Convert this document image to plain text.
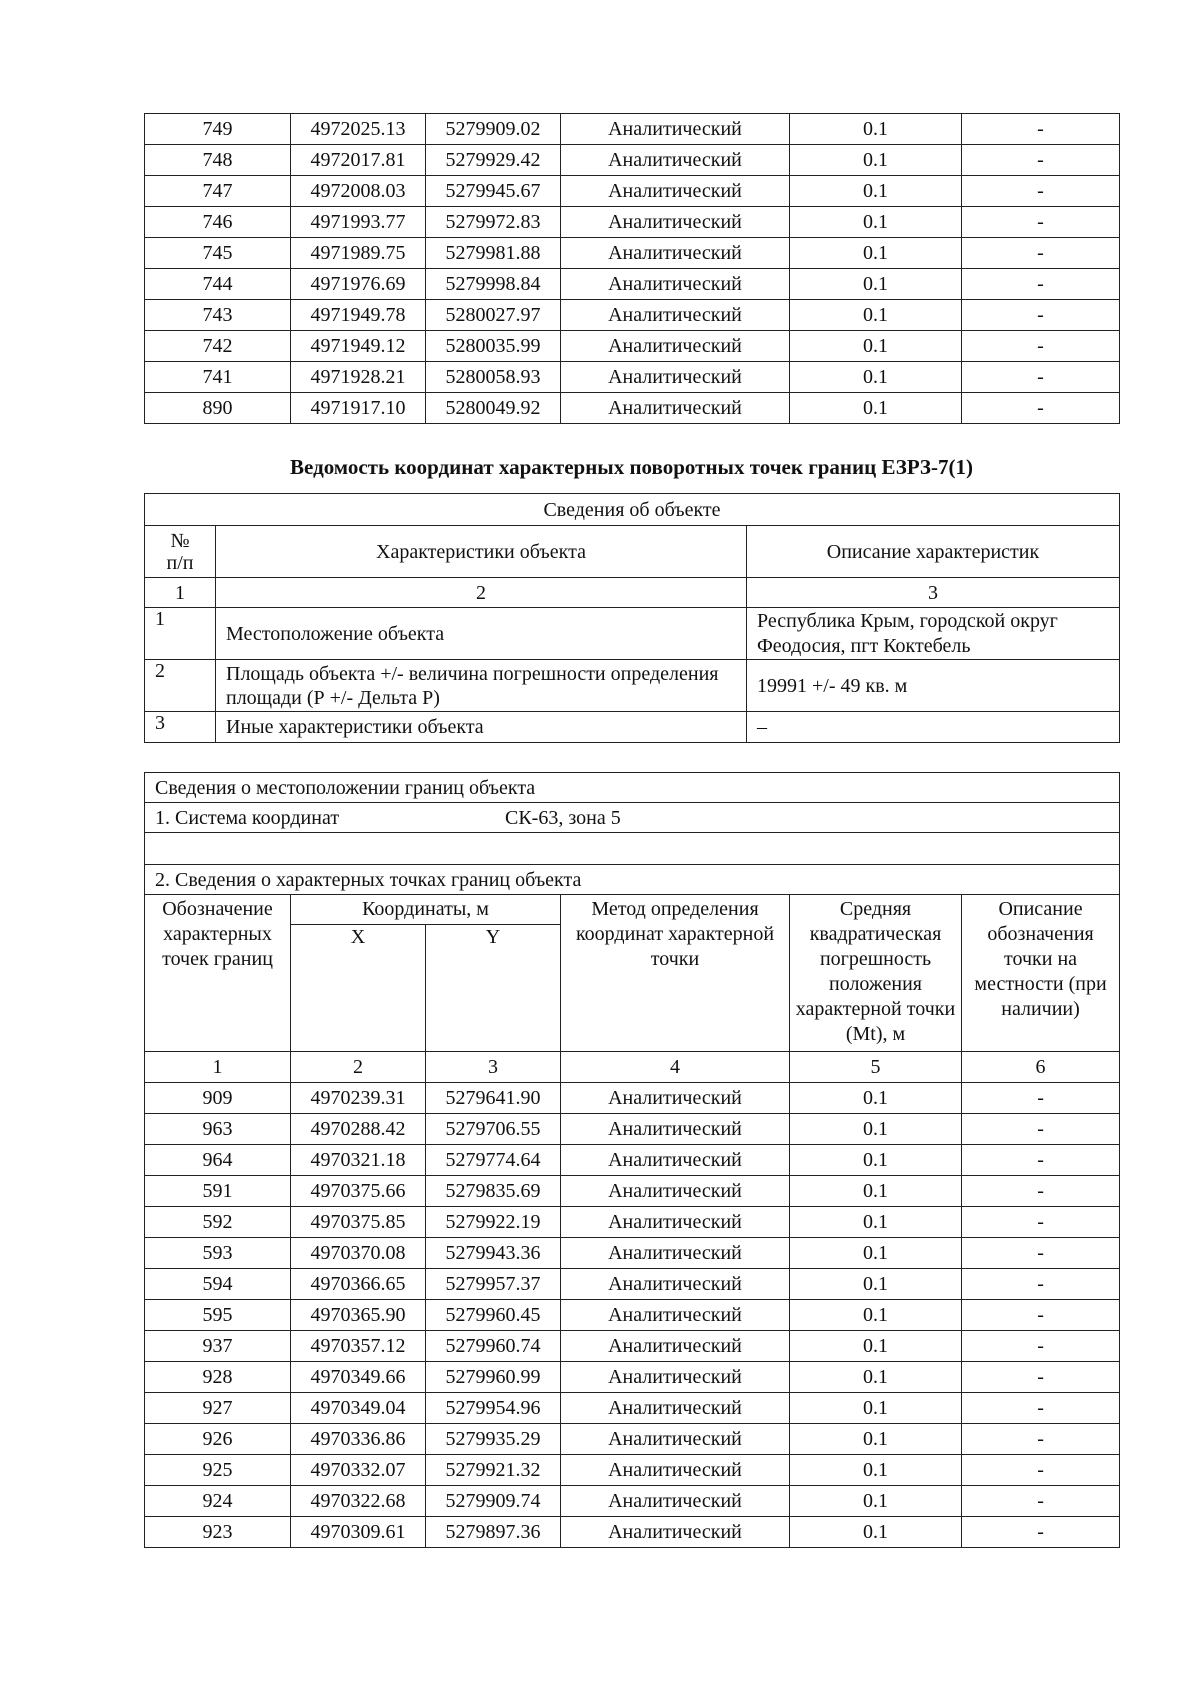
749	4972025.13	5279909.02	Аналитический	0.1	-
748	4972017.81	5279929.42	Аналитический	0.1	-
747	4972008.03	5279945.67	Аналитический	0.1	-
746	4971993.77	5279972.83	Аналитический	0.1	-
745	4971989.75	5279981.88	Аналитический	0.1	-
744	4971976.69	5279998.84	Аналитический	0.1	-
743	4971949.78	5280027.97	Аналитический	0.1	-
742	4971949.12	5280035.99	Аналитический	0.1	-
741	4971928.21	5280058.93	Аналитический	0.1	-
890	4971917.10	5280049.92	Аналитический	0.1	-
Ведомость координат характерных поворотных точек границ ЕЗРЗ-7(1)
Сведения об объекте		
№
п/п	Характеристики объекта	Описание характеристик
1	2	3
1	Местоположение объекта	Республика Крым, городской округ Феодосия, пгт Коктебель
2	Площадь объекта +/- величина погрешности определения площади (Р +/- Дельта Р)	19991 +/- 49 кв. м
3	Иные характеристики объекта	–
Сведения о местоположении границ объекта					
1. Система координат СК-63, зона 5					

2. Сведения о характерных точках границ объекта					
Обозначение характерных точек границ	Координаты, м		Метод определения координат характерной точки	Средняя квадратическая погрешность положения характерной точки (Mt), м	Описание обозначения точки на местности (при наличии)
	X	Y			
1	2	3	4	5	6
909	4970239.31	5279641.90	Аналитический	0.1	-
963	4970288.42	5279706.55	Аналитический	0.1	-
964	4970321.18	5279774.64	Аналитический	0.1	-
591	4970375.66	5279835.69	Аналитический	0.1	-
592	4970375.85	5279922.19	Аналитический	0.1	-
593	4970370.08	5279943.36	Аналитический	0.1	-
594	4970366.65	5279957.37	Аналитический	0.1	-
595	4970365.90	5279960.45	Аналитический	0.1	-
937	4970357.12	5279960.74	Аналитический	0.1	-
928	4970349.66	5279960.99	Аналитический	0.1	-
927	4970349.04	5279954.96	Аналитический	0.1	-
926	4970336.86	5279935.29	Аналитический	0.1	-
925	4970332.07	5279921.32	Аналитический	0.1	-
924	4970322.68	5279909.74	Аналитический	0.1	-
923	4970309.61	5279897.36	Аналитический	0.1	-
